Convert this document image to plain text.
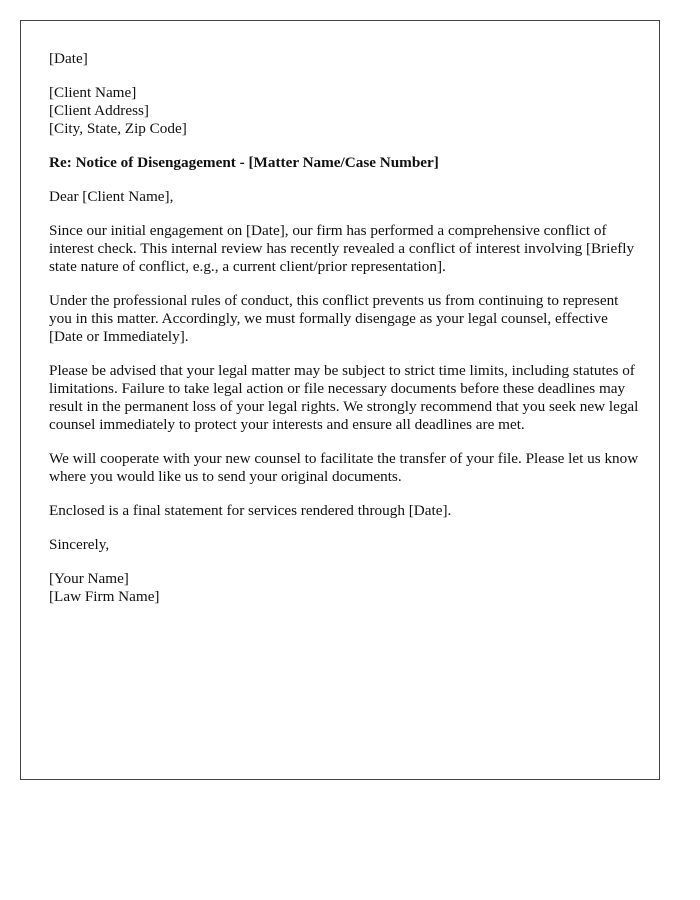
[Date]

[Client Name]
[Client Address]
[City, State, Zip Code]

Re: Notice of Disengagement - [Matter Name/Case Number]

Dear [Client Name],

Since our initial engagement on [Date], our firm has performed a comprehensive conflict of interest check. This internal review has recently revealed a conflict of interest involving [Briefly state nature of conflict, e.g., a current client/prior representation].

Under the professional rules of conduct, this conflict prevents us from continuing to represent you in this matter. Accordingly, we must formally disengage as your legal counsel, effective [Date or Immediately].

Please be advised that your legal matter may be subject to strict time limits, including statutes of limitations. Failure to take legal action or file necessary documents before these deadlines may result in the permanent loss of your legal rights. We strongly recommend that you seek new legal counsel immediately to protect your interests and ensure all deadlines are met.

We will cooperate with your new counsel to facilitate the transfer of your file. Please let us know where you would like us to send your original documents.

Enclosed is a final statement for services rendered through [Date].

Sincerely,

[Your Name]
[Law Firm Name]
